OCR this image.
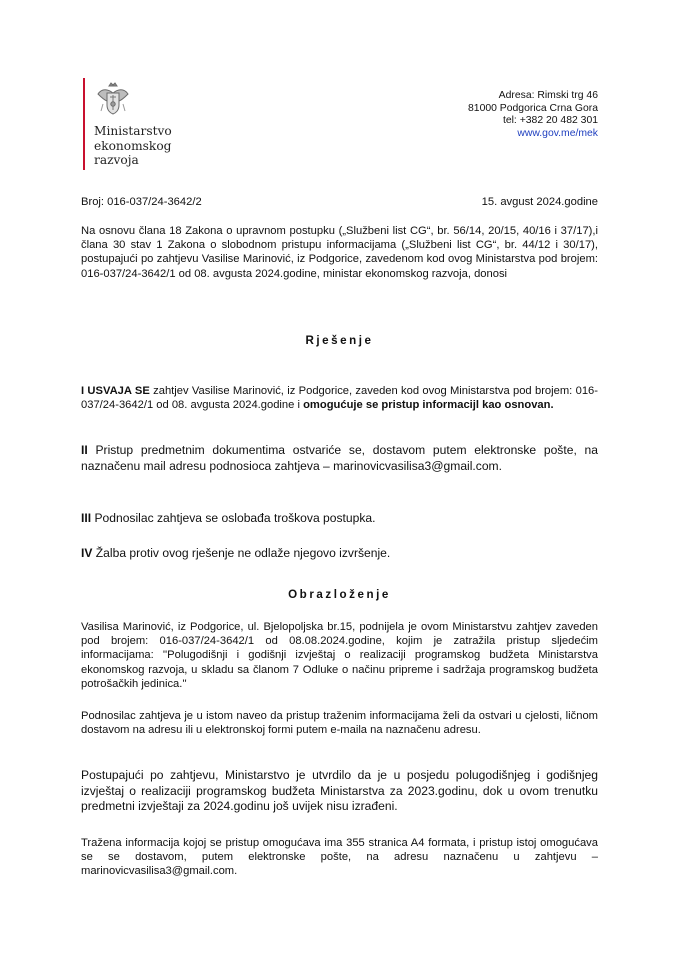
Ministarstvo
ekonomskog
razvoja
Adresa: Rimski trg 46
81000 Podgorica Crna Gora
tel: +382 20 482 301
www.gov.me/mek
Broj: 016-037/24-3642/2	15. avgust 2024.godine

Na osnovu člana 18 Zakona o upravnom postupku („Službeni list CG“, br. 56/14, 20/15, 40/16 i 37/17),i člana 30 stav 1 Zakona o slobodnom pristupu informacijama („Službeni list CG“, br. 44/12 i 30/17), postupajući po zahtjevu Vasilise Marinović, iz Podgorice, zavedenom kod ovog Ministarstva pod brojem: 016-037/24-3642/1 od 08. avgusta 2024.godine, ministar ekonomskog razvoja, donosi

Rješenje

I USVAJA SE zahtjev Vasilise Marinović, iz Podgorice, zaveden kod ovog Ministarstva pod brojem: 016-037/24-3642/1 od 08. avgusta 2024.godine i omogućuje se pristup informacijl kao osnovan.

II Pristup predmetnim dokumentima ostvariće se, dostavom putem elektronske pošte, na naznačenu mail adresu podnosioca zahtjeva – marinovicvasilisa3@gmail.com.

III Podnosilac zahtjeva se oslobađa troškova postupka.

IV Žalba protiv ovog rješenje ne odlaže njegovo izvršenje.

Obrazloženje

Vasilisa Marinović, iz Podgorice, ul. Bjelopoljska br.15, podnijela je ovom Ministarstvu zahtjev zaveden pod brojem: 016-037/24-3642/1 od 08.08.2024.godine, kojim je zatražila pristup sljedećim informacijama: ''Polugodišnji i godišnji izvještaj o realizaciji programskog budžeta Ministarstva ekonomskog razvoja, u skladu sa članom 7 Odluke o načinu pripreme i sadržaja programskog budžeta potrošačkih jedinica.''

Podnosilac zahtjeva je u istom naveo da pristup traženim informacijama želi da ostvari u cjelosti, ličnom dostavom na adresu ili u elektronskoj formi putem e-maila na naznačenu adresu.

Postupajući po zahtjevu, Ministarstvo je utvrdilo da je u posjedu polugodišnjeg i godišnjeg izvještaj o realizaciji programskog budžeta Ministarstva za 2023.godinu, dok u ovom trenutku predmetni izvještaji za 2024.godinu još uvijek nisu izrađeni.

Tražena informacija kojoj se pristup omogućava ima 355 stranica A4 formata, i pristup istoj omogućava se se dostavom, putem elektronske pošte, na adresu naznačenu u zahtjevu – marinovicvasilisa3@gmail.com.
